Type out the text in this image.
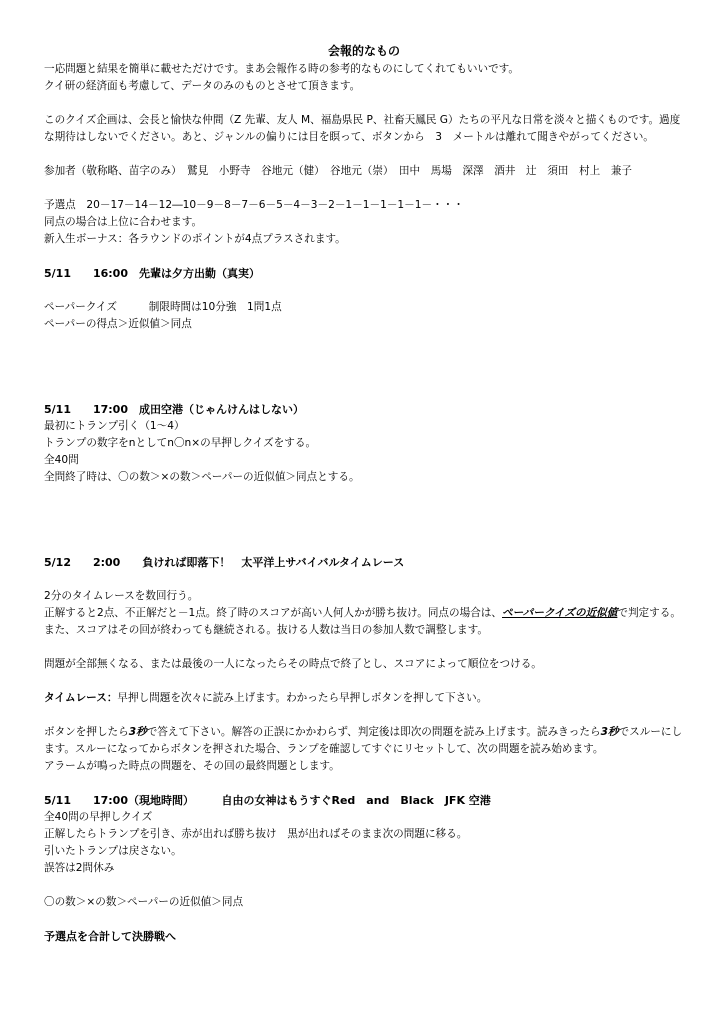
会報的なもの
一応問題と結果を簡単に載せただけです。まあ会報作る時の参考的なものにしてくれてもいいです。
クイ研の経済面も考慮して、データのみのものとさせて頂きます。
このクイズ企画は、会長と愉快な仲間（Z 先輩、友人 M、福島県民 P、社畜天鳳民 G）たちの平凡な日常を淡々と描くものです。過度な期待はしないでください。あと、ジャンルの偏りには目を瞑って、ボタンから　3　メートルは離れて聞きやがってください。
参加者（敬称略、苗字のみ）　鷲見　小野寺　谷地元（健）　谷地元（崇）　田中　馬場　深澤　酒井　辻　須田　村上　兼子
予選点　20－17－14－12―10－9－8－7－6－5－4－3－2－1－1－1－1－1－・・・
同点の場合は上位に合わせます。
新入生ボーナス：各ラウンドのポイントが4点プラスされます。
5/11　　16:00　先輩は夕方出勤（真実）
ペーパークイズ　　　制限時間は10分強　1問1点
ペーパーの得点＞近似値＞同点
5/11　　17:00　成田空港（じゃんけんはしない）
最初にトランプ引く（1～4）
トランプの数字をnとしてn〇n×の早押しクイズをする。
全40問
全問終了時は、〇の数＞×の数＞ペーパーの近似値＞同点とする。
5/12　　2:00　　負ければ即落下！　太平洋上サバイバルタイムレース
2分のタイムレースを数回行う。
正解すると2点、不正解だと－1点。終了時のスコアが高い人何人かが勝ち抜け。同点の場合は、ペーパークイズの近似値で判定する。
また、スコアはその回が終わっても継続される。抜ける人数は当日の参加人数で調整します。
問題が全部無くなる、または最後の一人になったらその時点で終了とし、スコアによって順位をつける。
タイムレース：早押し問題を次々に読み上げます。わかったら早押しボタンを押して下さい。
ボタンを押したら3秒で答えて下さい。解答の正誤にかかわらず、判定後は即次の問題を読み上げます。読みきったら3秒でスルーにします。スルーになってからボタンを押された場合、ランプを確認してすぐにリセットして、次の問題を読み始めます。
アラームが鳴った時点の問題を、その回の最終問題とします。
5/11　　17:00（現地時間）　　　自由の女神はもうすぐRed　and　Black　JFK 空港
全40問の早押しクイズ
正解したらトランプを引き、赤が出れば勝ち抜け　黒が出ればそのまま次の問題に移る。
引いたトランプは戻さない。
誤答は2問休み
〇の数＞×の数＞ペーパーの近似値＞同点
予選点を合計して決勝戦へ
